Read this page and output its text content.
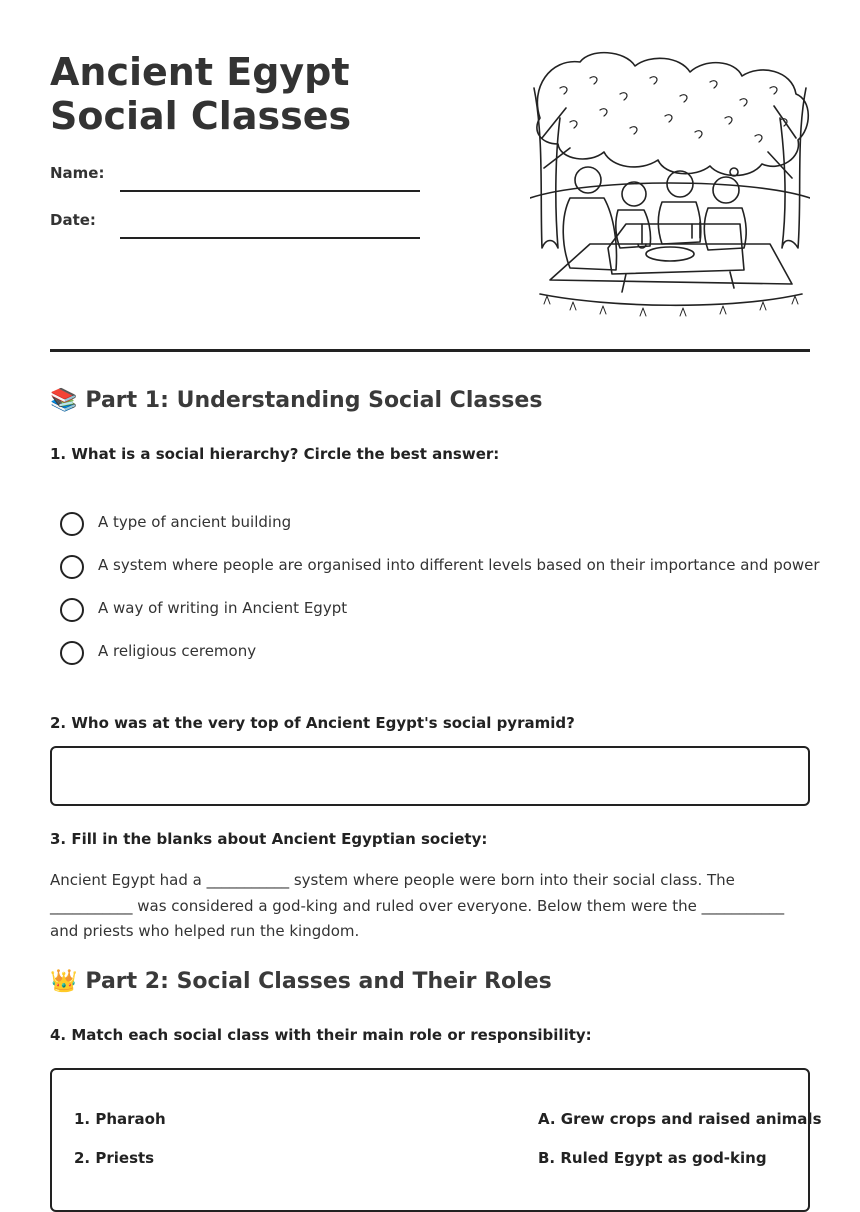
Ancient Egypt Social Classes
Name:
Date:
📚 Part 1: Understanding Social Classes

1. What is a social hierarchy? Circle the best answer:

A type of ancient building
A system where people are organised into different levels based on their importance and power
A way of writing in Ancient Egypt
A religious ceremony

2. Who was at the very top of Ancient Egypt's social pyramid?

3. Fill in the blanks about Ancient Egyptian society:

Ancient Egypt had a ___________ system where people were born into their social class. The ___________ was considered a god-king and ruled over everyone. Below them were the ___________ and priests who helped run the kingdom.

👑 Part 2: Social Classes and Their Roles

4. Match each social class with their main role or responsibility:

1. Pharaoh	A. Grew crops and raised animals
2. Priests	B. Ruled Egypt as god-king
